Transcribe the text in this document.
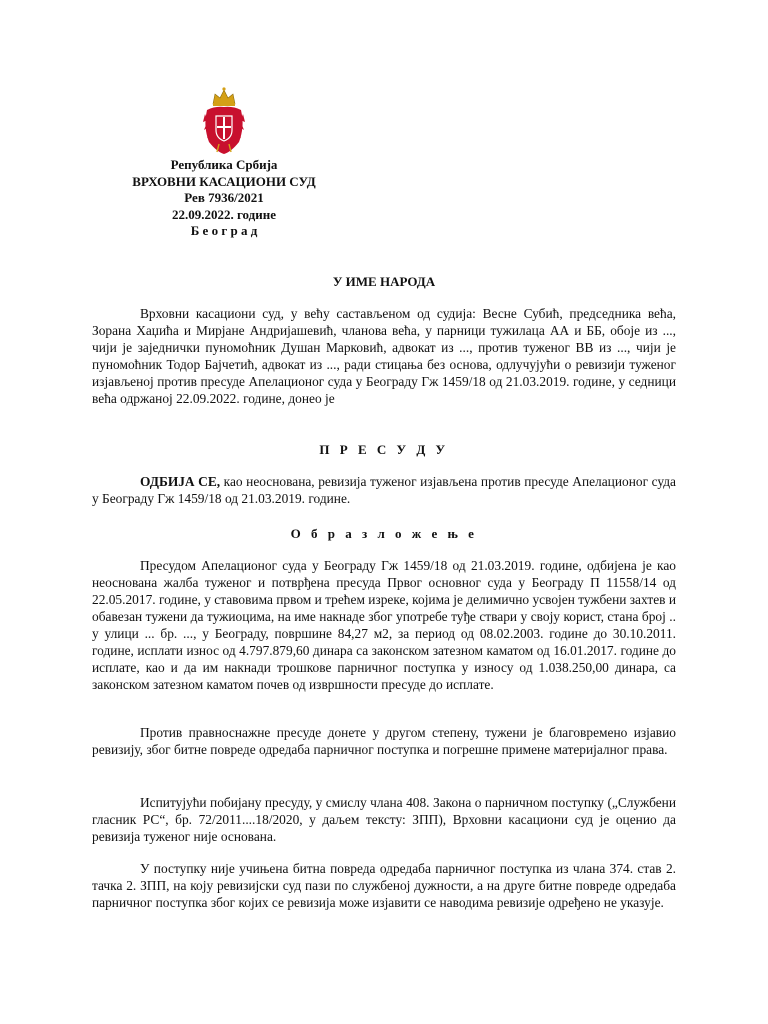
Република Србија
ВРХОВНИ КАСАЦИОНИ СУД
Рев 7936/2021
22.09.2022. године
Б е о г р а д
У ИМЕ НАРОДА

Врховни касациони суд, у већу састављеном од судија: Весне Субић, председника већа, Зорана Хаџића и Мирјане Андријашевић, чланова већа, у парници тужилаца АА и ББ, обоје из ..., чији је заједнички пуномоћник Душан Марковић, адвокат из ..., против туженог ВВ из ..., чији је пуномоћник Тодор Бајчетић, адвокат из ..., ради стицања без основа, одлучујући о ревизији туженог изјављеној против пресуде Апелационог суда у Београду Гж 1459/18 од 21.03.2019. године, у седници већа одржаној 22.09.2022. године, донео је

П Р Е С У Д У

ОДБИЈА СЕ, као неоснована, ревизија туженог изјављена против пресуде Апелационог суда у Београду Гж 1459/18 од 21.03.2019. године.

О б р а з л о ж е њ е

Пресудом Апелационог суда у Београду Гж 1459/18 од 21.03.2019. године, одбијена је као неоснована жалба туженог и потврђена пресуда Првог основног суда у Београду П 11558/14 од 22.05.2017. године, у ставовима првом и трећем изреке, којима је делимично усвојен тужбени захтев и обавезан тужени да тужиоцима, на име накнаде због употребе туђе ствари у своју корист, стана број .. у улици ... бр. ..., у Београду, површине 84,27 м2, за период од 08.02.2003. године до 30.10.2011. године, исплати износ од 4.797.879,60 динара са законском затезном каматом од 16.01.2017. године до исплате, као и да им накнади трошкове парничног поступка у износу од 1.038.250,00 динара, са законском затезном каматом почев од извршности пресуде до исплате.

Против правноснажне пресуде донете у другом степену, тужени је благовремено изјавио ревизију, због битне повреде одредаба парничног поступка и погрешне примене материјалног права.

Испитујући побијану пресуду, у смислу члана 408. Закона о парничном поступку („Службени гласник РС“, бр. 72/2011....18/2020, у даљем тексту: ЗПП), Врховни касациони суд је оценио да ревизија туженог није основана.

У поступку није учињена битна повреда одредаба парничног поступка из члана 374. став 2. тачка 2. ЗПП, на коју ревизијски суд пази по службеној дужности, а на друге битне повреде одредаба парничног поступка због којих се ревизија може изјавити се наводима ревизије одређено не указује.
